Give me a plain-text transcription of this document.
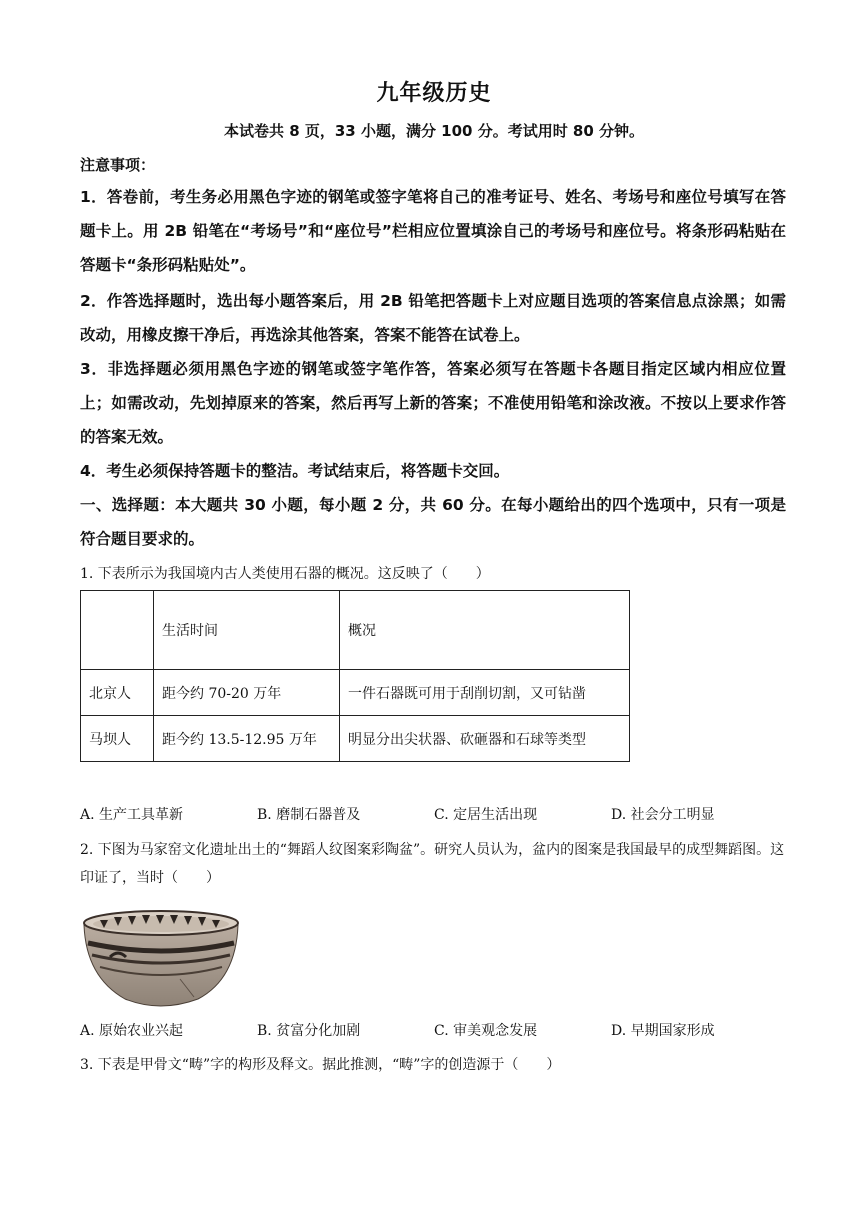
九年级历史
本试卷共 8 页，33 小题，满分 100 分。考试用时 80 分钟。
注意事项：
1．答卷前，考生务必用黑色字迹的钢笔或签字笔将自己的准考证号、姓名、考场号和座位号填写在答题卡上。用 2B 铅笔在“考场号”和“座位号”栏相应位置填涂自己的考场号和座位号。将条形码粘贴在答题卡“条形码粘贴处”。
2．作答选择题时，选出每小题答案后，用 2B 铅笔把答题卡上对应题目选项的答案信息点涂黑；如需改动，用橡皮擦干净后，再选涂其他答案，答案不能答在试卷上。
3．非选择题必须用黑色字迹的钢笔或签字笔作答，答案必须写在答题卡各题目指定区域内相应位置上；如需改动，先划掉原来的答案，然后再写上新的答案；不准使用铅笔和涂改液。不按以上要求作答的答案无效。
4．考生必须保持答题卡的整洁。考试结束后，将答题卡交回。
一、选择题：本大题共 30 小题，每小题 2 分，共 60 分。在每小题给出的四个选项中，只有一项是符合题目要求的。
1. 下表所示为我国境内古人类使用石器的概况。这反映了（　　）
	生活时间	概况
北京人	距今约 70-20 万年	一件石器既可用于刮削切割，又可钻凿
马坝人	距今约 13.5-12.95 万年	明显分出尖状器、砍砸器和石球等类型
A. 生产工具革新	B. 磨制石器普及	C. 定居生活出现	D. 社会分工明显
2. 下图为马家窑文化遗址出土的“舞蹈人纹图案彩陶盆”。研究人员认为，盆内的图案是我国最早的成型舞蹈图。这印证了，当时（　　）
A. 原始农业兴起	B. 贫富分化加剧	C. 审美观念发展	D. 早期国家形成
3. 下表是甲骨文“畴”字的构形及释文。据此推测，“畴”字的创造源于（　　）
